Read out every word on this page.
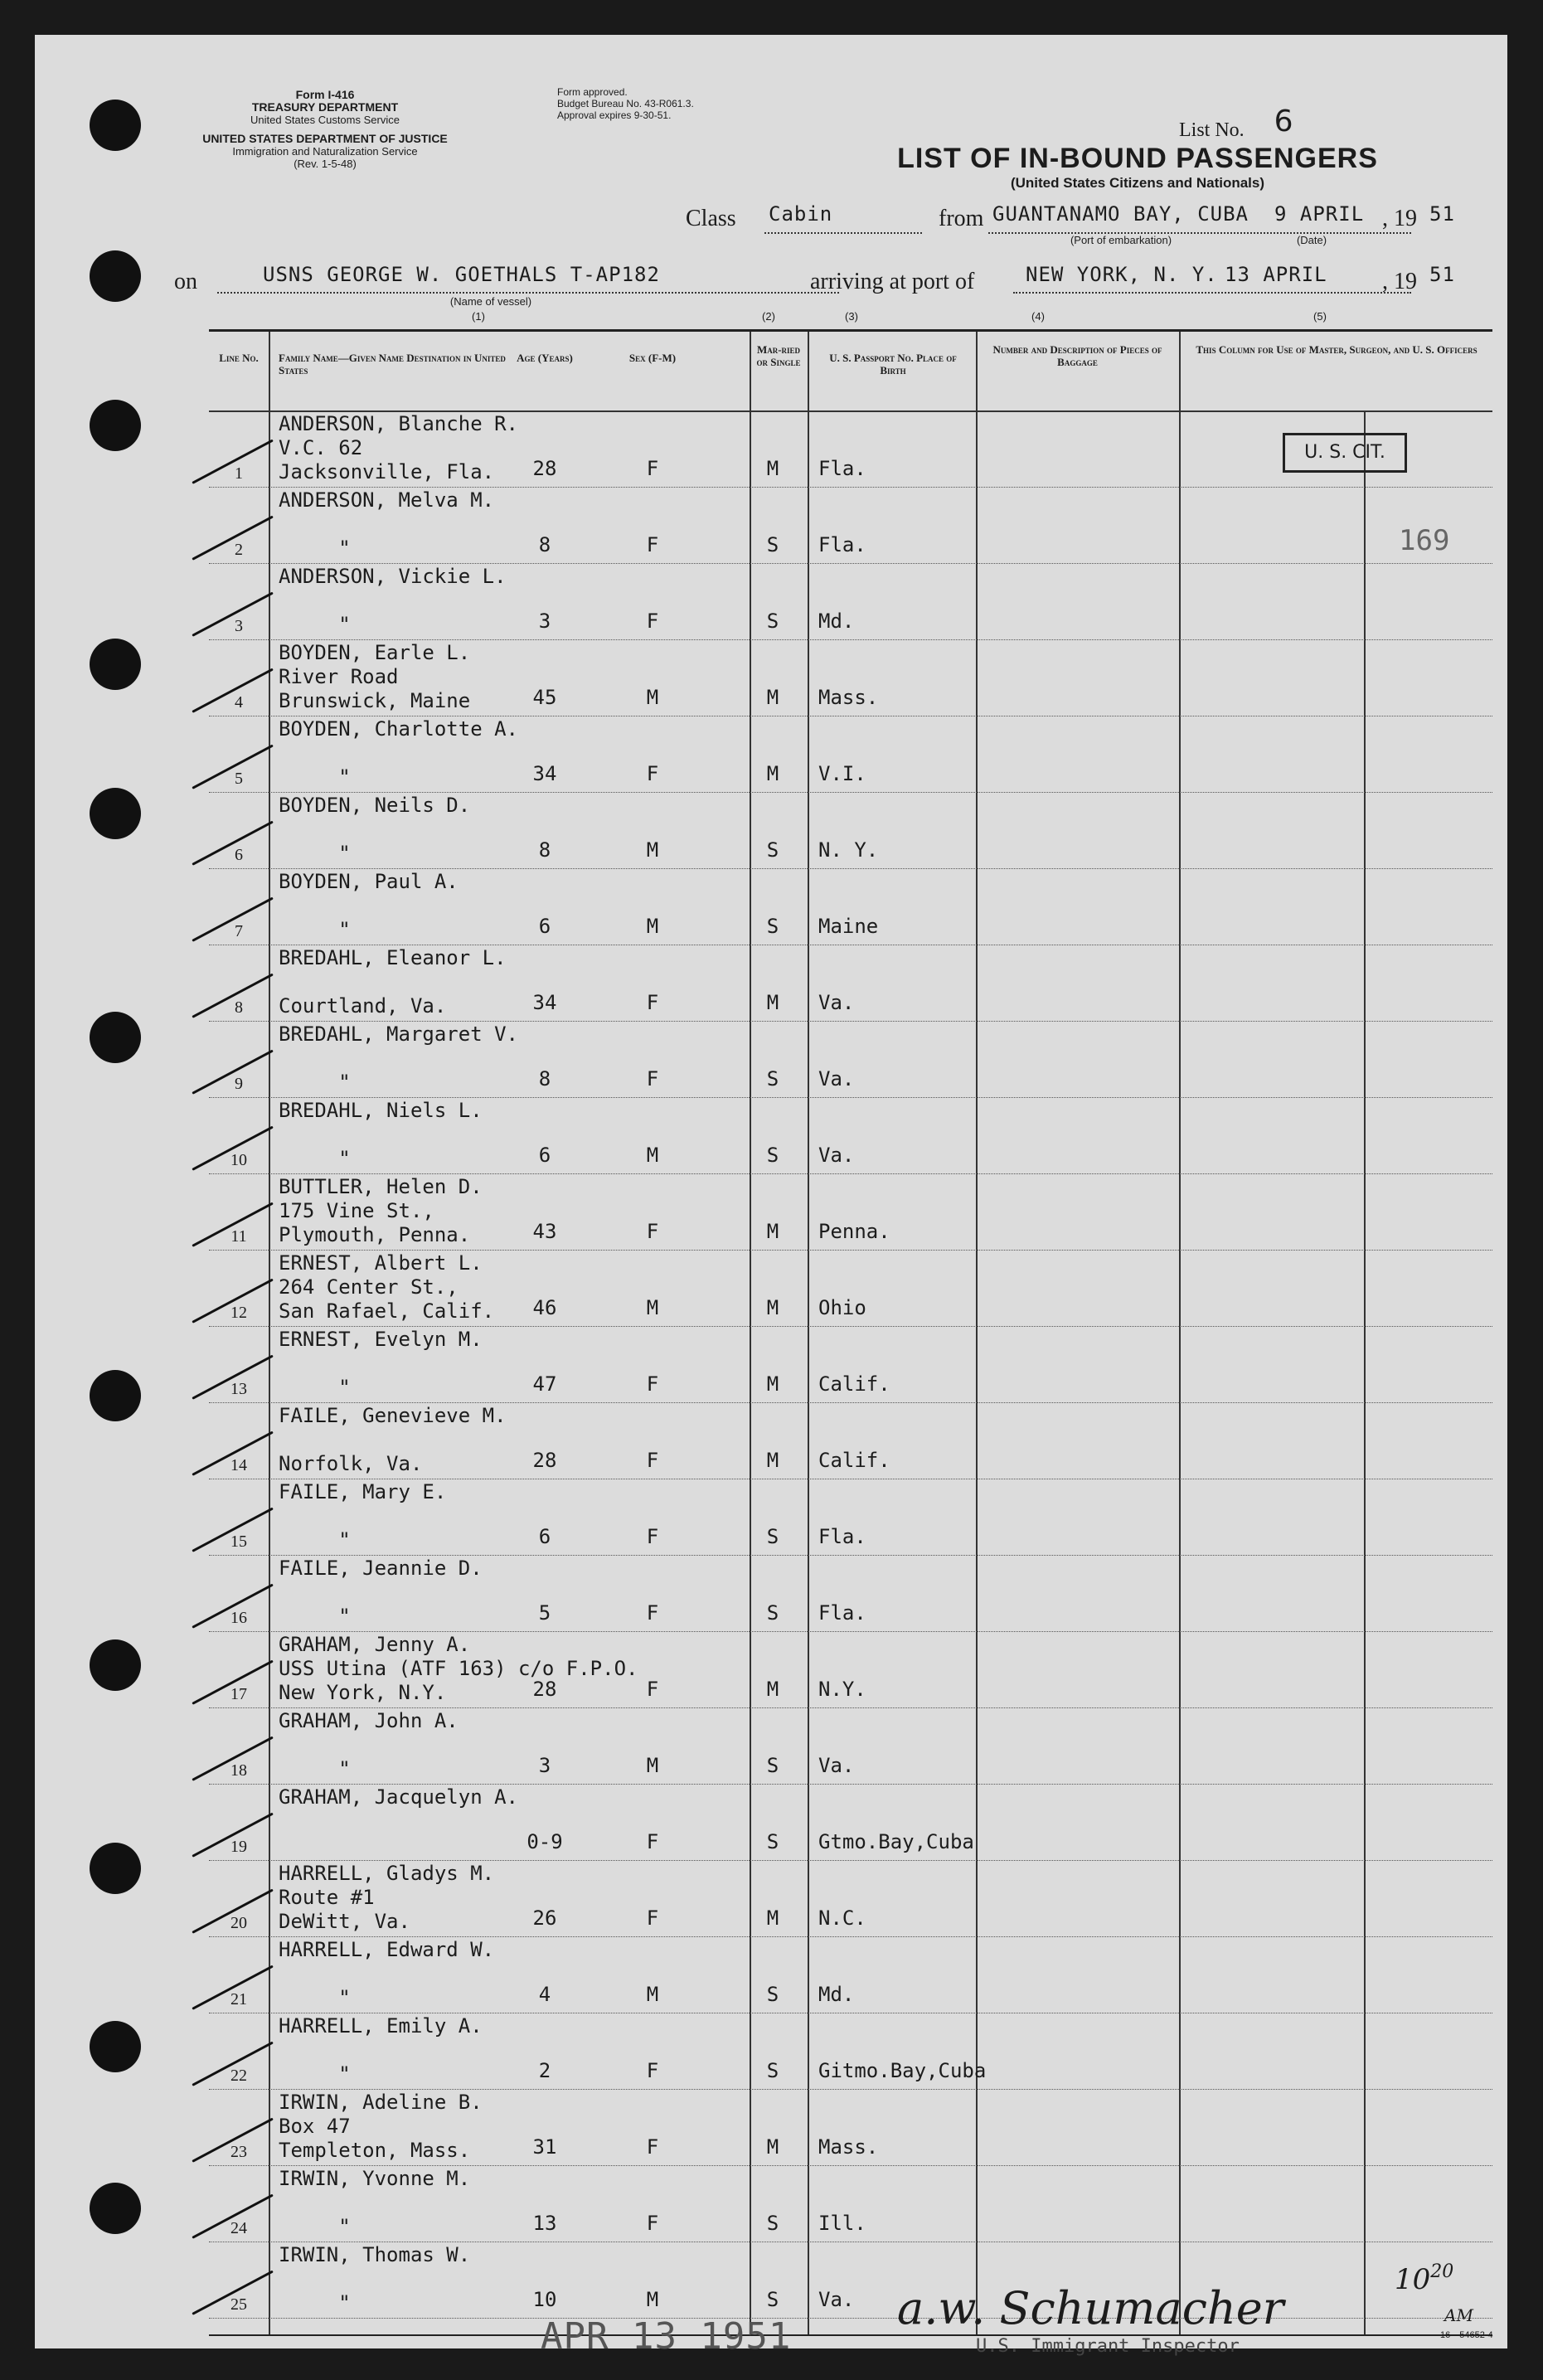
Form I-416
TREASURY DEPARTMENT
United States Customs Service
UNITED STATES DEPARTMENT OF JUSTICE
Immigration and Naturalization Service
(Rev. 1-5-48)
Form approved.
Budget Bureau No. 43-R061.3.
Approval expires 9-30-51.
List No. 6
LIST OF IN-BOUND PASSENGERS
(United States Citizens and Nationals)
Class Cabin	from GUANTANAMO BAY, CUBA 9 APRIL , 19 51
(Port of embarkation)	(Date)
on	USNS GEORGE W. GOETHALS T-AP182
(Name of vessel)
arriving at port of	NEW YORK, N. Y. 13 APRIL , 19 51
(1)	(2)	(3)	(4)	(5)
Line No.	Family Name—Given Name Destination in United States
Age (Years)	Sex (F-M)
Mar-ried or Single	U. S. Passport No. Place of Birth
Number and Description of Pieces of Baggage
This Column for Use of Master, Surgeon, and U. S. Officers
1
ANDERSON, Blanche R.
V.C. 62
Jacksonville, Fla.	28	F	M	Fla.
2
ANDERSON, Melva M.

"	8	F	S	Fla.
3
ANDERSON, Vickie L.

"	3	F	S	Md.
4
BOYDEN, Earle L.
River Road
Brunswick, Maine	45	M	M	Mass.
5
BOYDEN, Charlotte A.

"	34	F	M	V.I.
6
BOYDEN, Neils D.

"	8	M	S	N. Y.
7
BOYDEN, Paul A.

"	6	M	S	Maine
8
BREDAHL, Eleanor L.

Courtland, Va.	34	F	M	Va.
9
BREDAHL, Margaret V.

"	8	F	S	Va.
10
BREDAHL, Niels L.

"	6	M	S	Va.
11
BUTTLER, Helen D.
175 Vine St.,
Plymouth, Penna.	43	F	M	Penna.
12
ERNEST, Albert L.
264 Center St.,
San Rafael, Calif.	46	M	M	Ohio
13
ERNEST, Evelyn M.

"	47	F	M	Calif.
14
FAILE, Genevieve M.

Norfolk, Va.	28	F	M	Calif.
15
FAILE, Mary E.

"	6	F	S	Fla.
16
FAILE, Jeannie D.

"	5	F	S	Fla.
17
GRAHAM, Jenny A.
USS Utina (ATF 163) c/o F.P.O.
New York, N.Y.	28	F	M	N.Y.
18
GRAHAM, John A.

"	3	M	S	Va.
19
GRAHAM, Jacquelyn A.

0-9	F	S	Gtmo.Bay,Cuba
20
HARRELL, Gladys M.
Route #1
DeWitt, Va.	26	F	M	N.C.
21
HARRELL, Edward W.

"	4	M	S	Md.
22
HARRELL, Emily A.

"	2	F	S	Gitmo.Bay,Cuba
23
IRWIN, Adeline B.
Box 47
Templeton, Mass.	31	F	M	Mass.
24
IRWIN, Yvonne M.

"	13	F	S	Ill.
25
IRWIN, Thomas W.

"	10	M	S	Va.
U. S. CIT.
169
a.w. Schumacher
$10^{20}$
AM
APR 13 1951	U.S. Immigrant Inspector
16—54652-4
